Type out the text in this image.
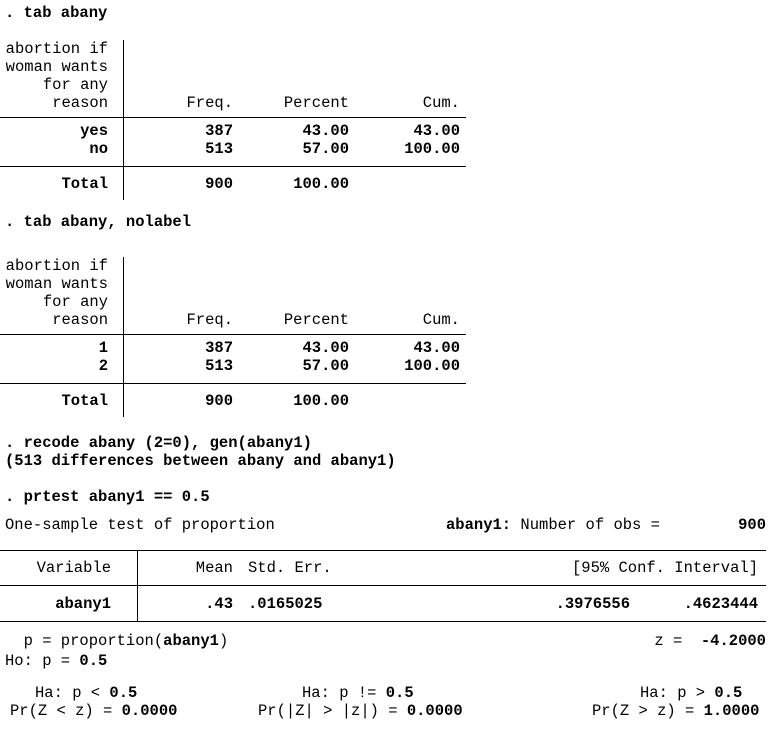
. tab abany
abortion if
woman wants
for any
reason	Freq.	Percent	Cum.
yes	387	43.00	43.00
no	513	57.00	100.00
Total	900	100.00
. tab abany, nolabel
abortion if
woman wants
for any
reason	Freq.	Percent	Cum.
1	387	43.00	43.00
2	513	57.00	100.00
Total	900	100.00
. recode abany (2=0), gen(abany1)
(513 differences between abany and abany1)
. prtest abany1 == 0.5
One-sample test of proportion	abany1: Number of obs =	900
Variable	Mean Std. Err.	[95% Conf. Interval]
abany1	.43 .0165025	.3976556	.4623444
p = proportion(abany1)	z =  -4.2000
Ho: p = 0.5
Ha: p < 0.5	Ha: p != 0.5	Ha: p > 0.5
Pr(Z < z) = 0.0000	Pr(|Z| > |z|) = 0.0000	Pr(Z > z) = 1.0000
